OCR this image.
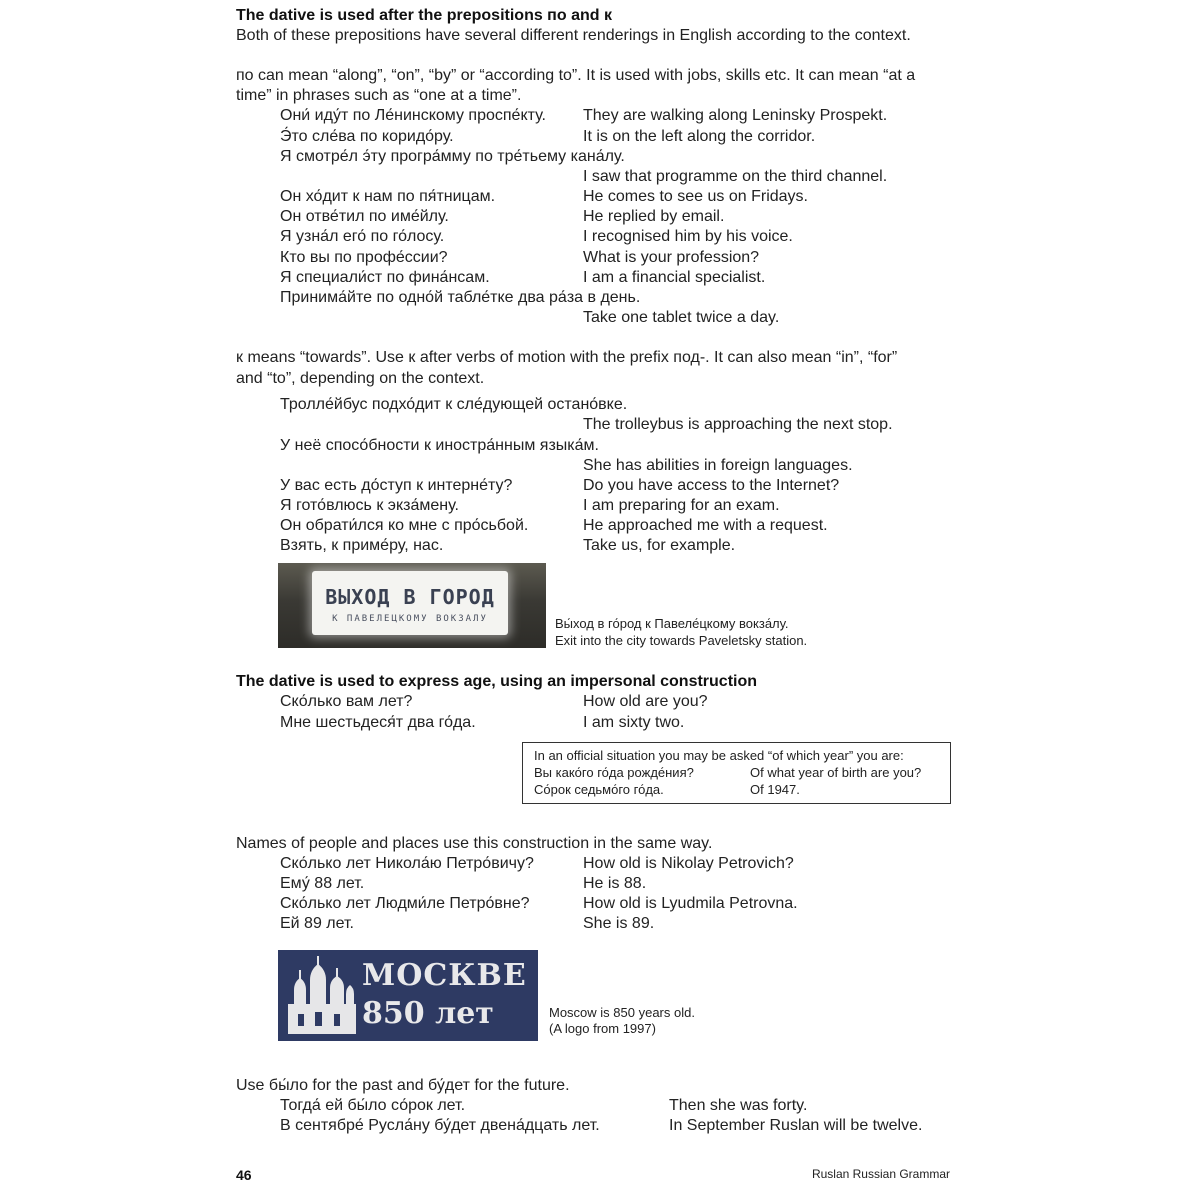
The dative is used after the prepositions по and к
Both of these prepositions have several different renderings in English according to the context.
по can mean “along”, “on”, “by” or “according to”. It is used with jobs, skills etc. It can mean “at a
time” in phrases such as “one at a time”.
Они́ иду́т по Ле́нинскому проспе́кту. They are walking along Leninsky Prospekt.
Э́то сле́ва по коридо́ру.	It is on the left along the corridor.
Я смотре́л э́ту програ́мму по тре́тьему кана́лу.
I saw that programme on the third channel.
Он хо́дит к нам по пя́тницам.	He comes to see us on Fridays.
Он отве́тил по име́йлу.	He replied by email.
Я узна́л его́ по го́лосу.	I recognised him by his voice.
Кто вы по профе́ссии?	What is your profession?
Я специали́ст по фина́нсам.	I am a financial specialist.
Принима́йте по одно́й табле́тке два ра́за в день.
Take one tablet twice a day.
к means “towards”. Use к after verbs of motion with the prefix под-. It can also mean “in”, “for”
and “to”, depending on the context.
Тролле́йбус подхо́дит к сле́дующей остано́вке.
The trolleybus is approaching the next stop.
У неё спосо́бности к иностра́нным языка́м.
She has abilities in foreign languages.
У вас есть до́ступ к интерне́ту?	Do you have access to the Internet?
Я гото́влюсь к экза́мену.	I am preparing for an exam.
Он обрати́лся ко мне с про́сьбой.	He approached me with a request.
Взять, к приме́ру, нас.	Take us, for example.
ВЫХОД В ГОРОД
К ПАВЕЛЕЦКОМУ ВОКЗАЛУ	Вы́ход в го́род к Павеле́цкому вокза́лу.
Exit into the city towards Paveletsky station.
The dative is used to express age, using an impersonal construction
Ско́лько вам лет?	How old are you?
Мне шестьдеся́т два го́да.	I am sixty two.
In an official situation you may be asked “of which year” you are:
Вы како́го го́да рожде́ния?	Of what year of birth are you?
Со́рок седьмо́го го́да.	Of 1947.
Names of people and places use this construction in the same way.
Ско́лько лет Никола́ю Петро́вичу?	How old is Nikolay Petrovich?
Ему́ 88 лет.	He is 88.
Ско́лько лет Людми́ле Петро́вне?	How old is Lyudmila Petrovna.
Ей 89 лет.	She is 89.
МОСКВЕ
850 лет	Moscow is 850 years old.
(A logo from 1997)
Use бы́ло for the past and бу́дет for the future.
Тогда́ ей бы́ло со́рок лет.	Then she was forty.
В сентябре́ Русла́ну бу́дет двена́дцать лет.	In September Ruslan will be twelve.
46	Ruslan Russian Grammar
